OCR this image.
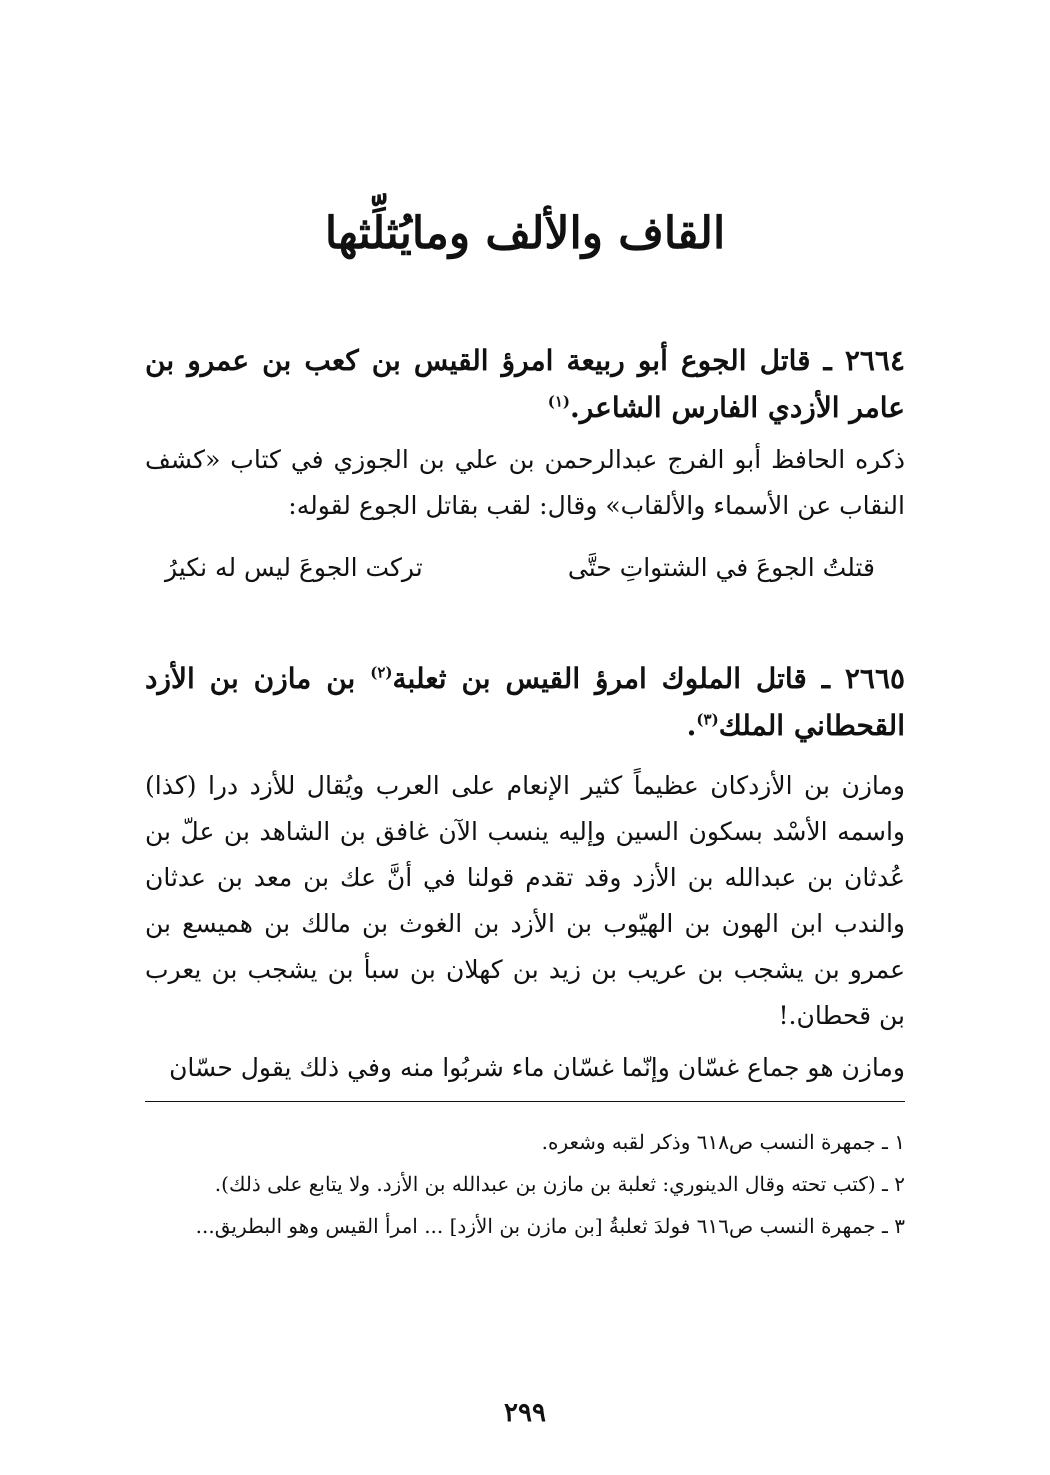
القاف والألف ومايُثلِّثها

٢٦٦٤ ـ قاتل الجوع أبو ربيعة امرؤ القيس بن كعب بن عمرو بن عامر الأزدي الفارس الشاعر.$^{(١)}$

ذكره الحافظ أبو الفرج عبدالرحمن بن علي بن الجوزي في كتاب «كشف النقاب عن الأسماء والألقاب» وقال: لقب بقاتل الجوع لقوله:

قتلتُ الجوعَ في الشتواتِ حتَّى
تركت الجوعَ ليس له نكيرُ

٢٦٦٥ ـ قاتل الملوك امرؤ القيس بن ثعلبة$^{(٢)}$ بن مازن بن الأزد القحطاني الملك$^{(٣)}$.

ومازن بن الأزدكان عظيماً كثير الإنعام على العرب ويُقال للأزد درا (كذا) واسمه الأسْد بسكون السين وإليه ينسب الآن غافق بن الشاهد بن علّ بن عُدثان بن عبدالله بن الأزد وقد تقدم قولنا في أنَّ عك بن معد بن عدثان والندب ابن الهون بن الهيّوب بن الأزد بن الغوث بن مالك بن هميسع بن عمرو بن يشجب بن عريب بن زيد بن كهلان بن سبأ بن يشجب بن يعرب بن قحطان.!

ومازن هو جماع غسّان وإنّما غسّان ماء شربُوا منه وفي ذلك يقول حسّان

١ ـ جمهرة النسب ص٦١٨ وذكر لقبه وشعره.

٢ ـ (كتب تحته وقال الدينوري: ثعلبة بن مازن بن عبدالله بن الأزد. ولا يتابع على ذلك).

٣ ـ جمهرة النسب ص٦١٦ فولدَ ثعلبةُ [بن مازن بن الأزد] ... امرأ القيس وهو البطريق...

٢٩٩
